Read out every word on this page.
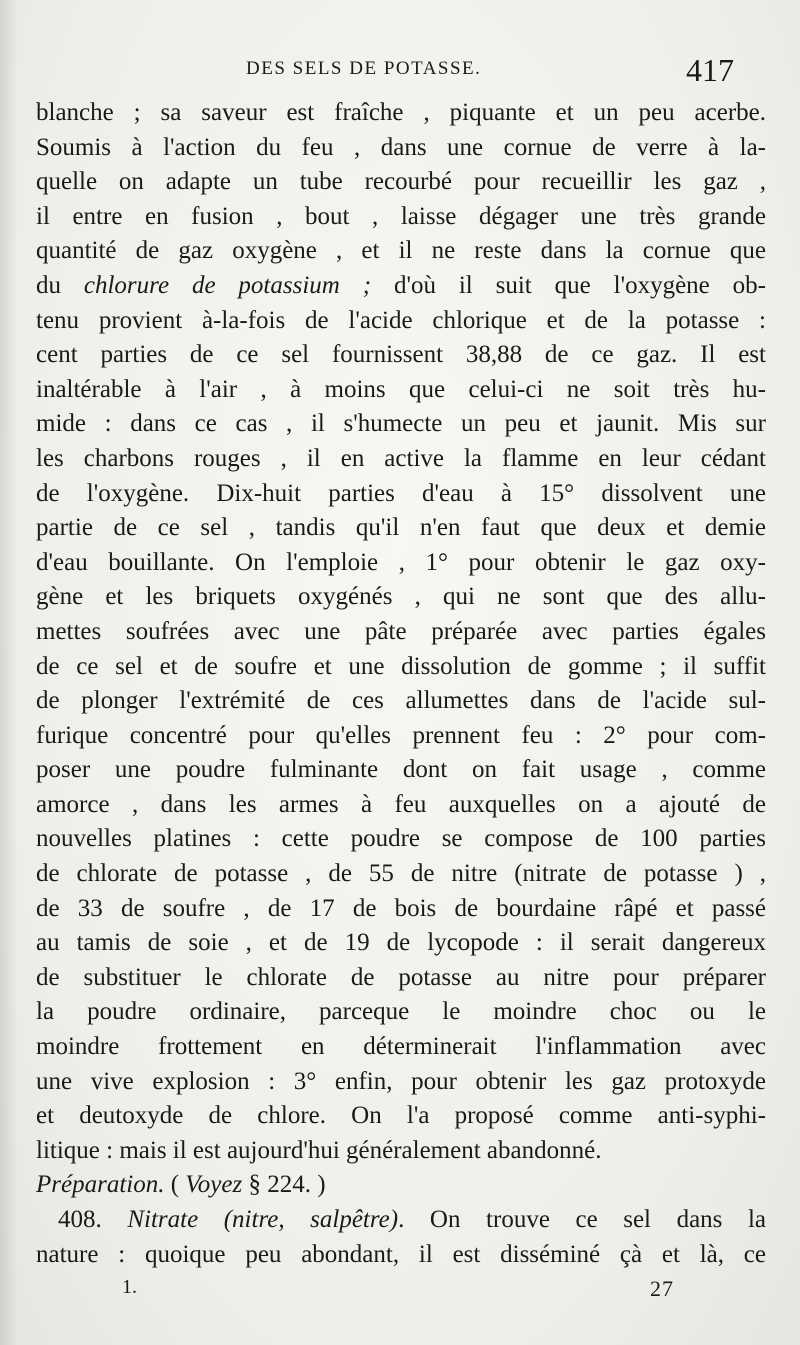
DES SELS DE POTASSE.	417
blanche ; sa saveur est fraîche , piquante et un peu acerbe.
Soumis à l'action du feu , dans une cornue de verre à la-
quelle on adapte un tube recourbé pour recueillir les gaz ,
il entre en fusion , bout , laisse dégager une très grande
quantité de gaz oxygène , et il ne reste dans la cornue que
du chlorure de potassium ; d'où il suit que l'oxygène ob-
tenu provient à-la-fois de l'acide chlorique et de la potasse :
cent parties de ce sel fournissent 38,88 de ce gaz. Il est
inaltérable à l'air , à moins que celui-ci ne soit très hu-
mide : dans ce cas , il s'humecte un peu et jaunit. Mis sur
les charbons rouges , il en active la flamme en leur cédant
de l'oxygène. Dix-huit parties d'eau à 15° dissolvent une
partie de ce sel , tandis qu'il n'en faut que deux et demie
d'eau bouillante. On l'emploie , 1° pour obtenir le gaz oxy-
gène et les briquets oxygénés , qui ne sont que des allu-
mettes soufrées avec une pâte préparée avec parties égales
de ce sel et de soufre et une dissolution de gomme ; il suffit
de plonger l'extrémité de ces allumettes dans de l'acide sul-
furique concentré pour qu'elles prennent feu : 2° pour com-
poser une poudre fulminante dont on fait usage , comme
amorce , dans les armes à feu auxquelles on a ajouté de
nouvelles platines : cette poudre se compose de 100 parties
de chlorate de potasse , de 55 de nitre (nitrate de potasse ) ,
de 33 de soufre , de 17 de bois de bourdaine râpé et passé
au tamis de soie , et de 19 de lycopode : il serait dangereux
de substituer le chlorate de potasse au nitre pour préparer
la poudre ordinaire, parceque le moindre choc ou le
moindre frottement en déterminerait l'inflammation avec
une vive explosion : 3° enfin, pour obtenir les gaz protoxyde
et deutoxyde de chlore. On l'a proposé comme anti-syphi-
litique : mais il est aujourd'hui généralement abandonné.
Préparation. ( Voyez § 224. )
408. Nitrate (nitre, salpêtre). On trouve ce sel dans la
nature : quoique peu abondant, il est disséminé çà et là, ce
1.	27
